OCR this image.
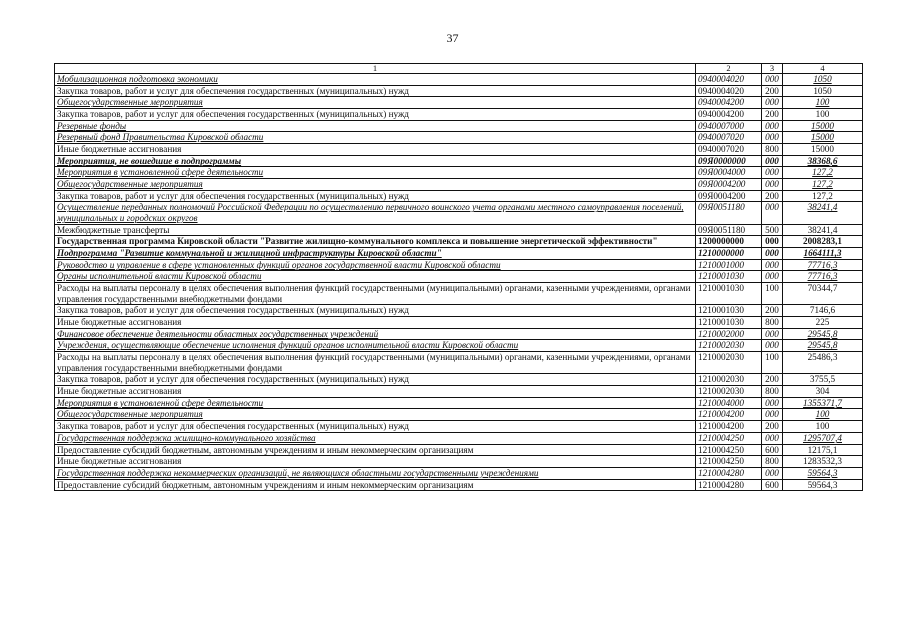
37
1	2	3	4
Мобилизационная подготовка экономики	0940004020	000	1050
Закупка товаров, работ и услуг для обеспечения государственных (муниципальных) нужд	0940004020	200	1050
Общегосударственные мероприятия	0940004200	000	100
Закупка товаров, работ и услуг для обеспечения государственных (муниципальных) нужд	0940004200	200	100
Резервные фонды	0940007000	000	15000
Резервный фонд Правительства Кировской области	0940007020	000	15000
Иные бюджетные ассигнования	0940007020	800	15000
Мероприятия, не вошедшие в подпрограммы	09Я0000000	000	38368,6
Мероприятия в установленной сфере деятельности	09Я0004000	000	127,2
Общегосударственные мероприятия	09Я0004200	000	127,2
Закупка товаров, работ и услуг для обеспечения государственных (муниципальных) нужд	09Я0004200	200	127,2
Осуществление переданных полномочий Российской Федерации по осуществлению первичного воинского учета органами местного самоуправления поселений, муниципальных и городских округов	09Я0051180	000	38241,4
Межбюджетные трансферты	09Я0051180	500	38241,4
Государственная программа Кировской области "Развитие жилищно-коммунального комплекса и повышение энергетической эффективности"	1200000000	000	2008283,1
Подпрограмма "Развитие коммунальной и жилищной инфраструктуры Кировской области"	1210000000	000	1664111,3
Руководство и управление в сфере установленных функций органов государственной власти Кировской области	1210001000	000	77716,3
Органы исполнительной власти Кировской области	1210001030	000	77716,3
Расходы на выплаты персоналу в целях обеспечения выполнения функций государственными (муниципальными) органами, казенными учреждениями, органами управления государственными внебюджетными фондами	1210001030	100	70344,7
Закупка товаров, работ и услуг для обеспечения государственных (муниципальных) нужд	1210001030	200	7146,6
Иные бюджетные ассигнования	1210001030	800	225
Финансовое обеспечение деятельности областных государственных учреждений	1210002000	000	29545,8
Учреждения, осуществляющие обеспечение исполнения функций органов исполнительной власти Кировской области	1210002030	000	29545,8
Расходы на выплаты персоналу в целях обеспечения выполнения функций государственными (муниципальными) органами, казенными учреждениями, органами управления государственными внебюджетными фондами	1210002030	100	25486,3
Закупка товаров, работ и услуг для обеспечения государственных (муниципальных) нужд	1210002030	200	3755,5
Иные бюджетные ассигнования	1210002030	800	304
Мероприятия в установленной сфере деятельности	1210004000	000	1355371,7
Общегосударственные мероприятия	1210004200	000	100
Закупка товаров, работ и услуг для обеспечения государственных (муниципальных) нужд	1210004200	200	100
Государственная поддержка жилищно-коммунального хозяйства	1210004250	000	1295707,4
Предоставление субсидий бюджетным, автономным учреждениям и иным некоммерческим организациям	1210004250	600	12175,1
Иные бюджетные ассигнования	1210004250	800	1283532,3
Государственная поддержка некоммерческих организаций, не являющихся областными государственными учреждениями	1210004280	000	59564,3
Предоставление субсидий бюджетным, автономным учреждениям и иным некоммерческим организациям	1210004280	600	59564,3
